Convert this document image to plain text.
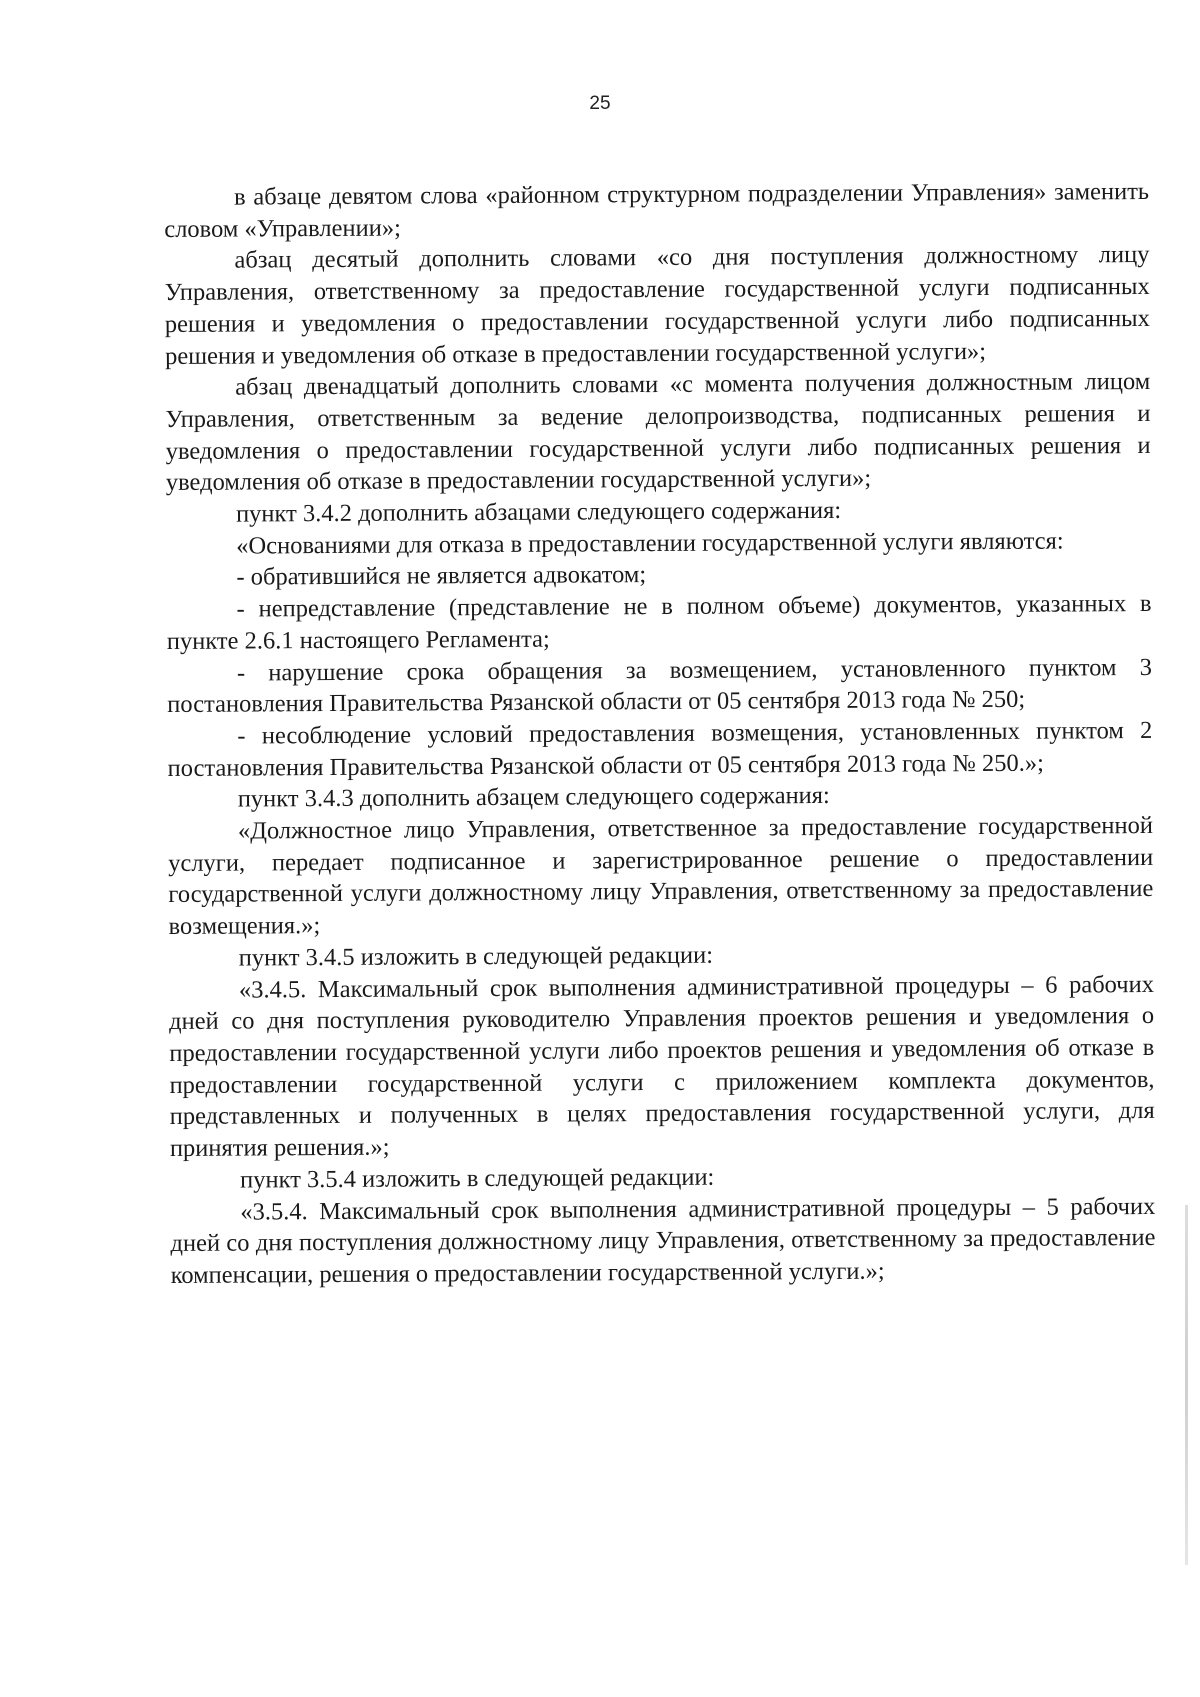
25

в абзаце девятом слова «районном структурном подразделении Управления» заменить словом «Управлении»;

абзац десятый дополнить словами «со дня поступления должностному лицу Управления, ответственному за предоставление государственной услуги подписанных решения и уведомления о предоставлении государственной услуги либо подписанных решения и уведомления об отказе в предоставлении государственной услуги»;

абзац двенадцатый дополнить словами «с момента получения должностным лицом Управления, ответственным за ведение делопроизводства, подписанных решения и уведомления о предоставлении государственной услуги либо подписанных решения и уведомления об отказе в предоставлении государственной услуги»;

пункт 3.4.2 дополнить абзацами следующего содержания:

«Основаниями для отказа в предоставлении государственной услуги являются:

- обратившийся не является адвокатом;

- непредставление (представление не в полном объеме) документов, указанных в пункте 2.6.1 настоящего Регламента;

- нарушение срока обращения за возмещением, установленного пунктом 3 постановления Правительства Рязанской области от 05 сентября 2013 года № 250;

- несоблюдение условий предоставления возмещения, установленных пунктом 2 постановления Правительства Рязанской области от 05 сентября 2013 года № 250.»;

пункт 3.4.3 дополнить абзацем следующего содержания:

«Должностное лицо Управления, ответственное за предоставление государственной услуги, передает подписанное и зарегистрированное решение о предоставлении государственной услуги должностному лицу Управления, ответственному за предоставление возмещения.»;

пункт 3.4.5 изложить в следующей редакции:

«3.4.5. Максимальный срок выполнения административной процедуры – 6 рабочих дней со дня поступления руководителю Управления проектов решения и уведомления о предоставлении государственной услуги либо проектов решения и уведомления об отказе в предоставлении государственной услуги с приложением комплекта документов, представленных и полученных в целях предоставления государственной услуги, для принятия решения.»;

пункт 3.5.4 изложить в следующей редакции:

«3.5.4. Максимальный срок выполнения административной процедуры – 5 рабочих дней со дня поступления должностному лицу Управления, ответственному за предоставление компенсации, решения о предоставлении государственной услуги.»;
